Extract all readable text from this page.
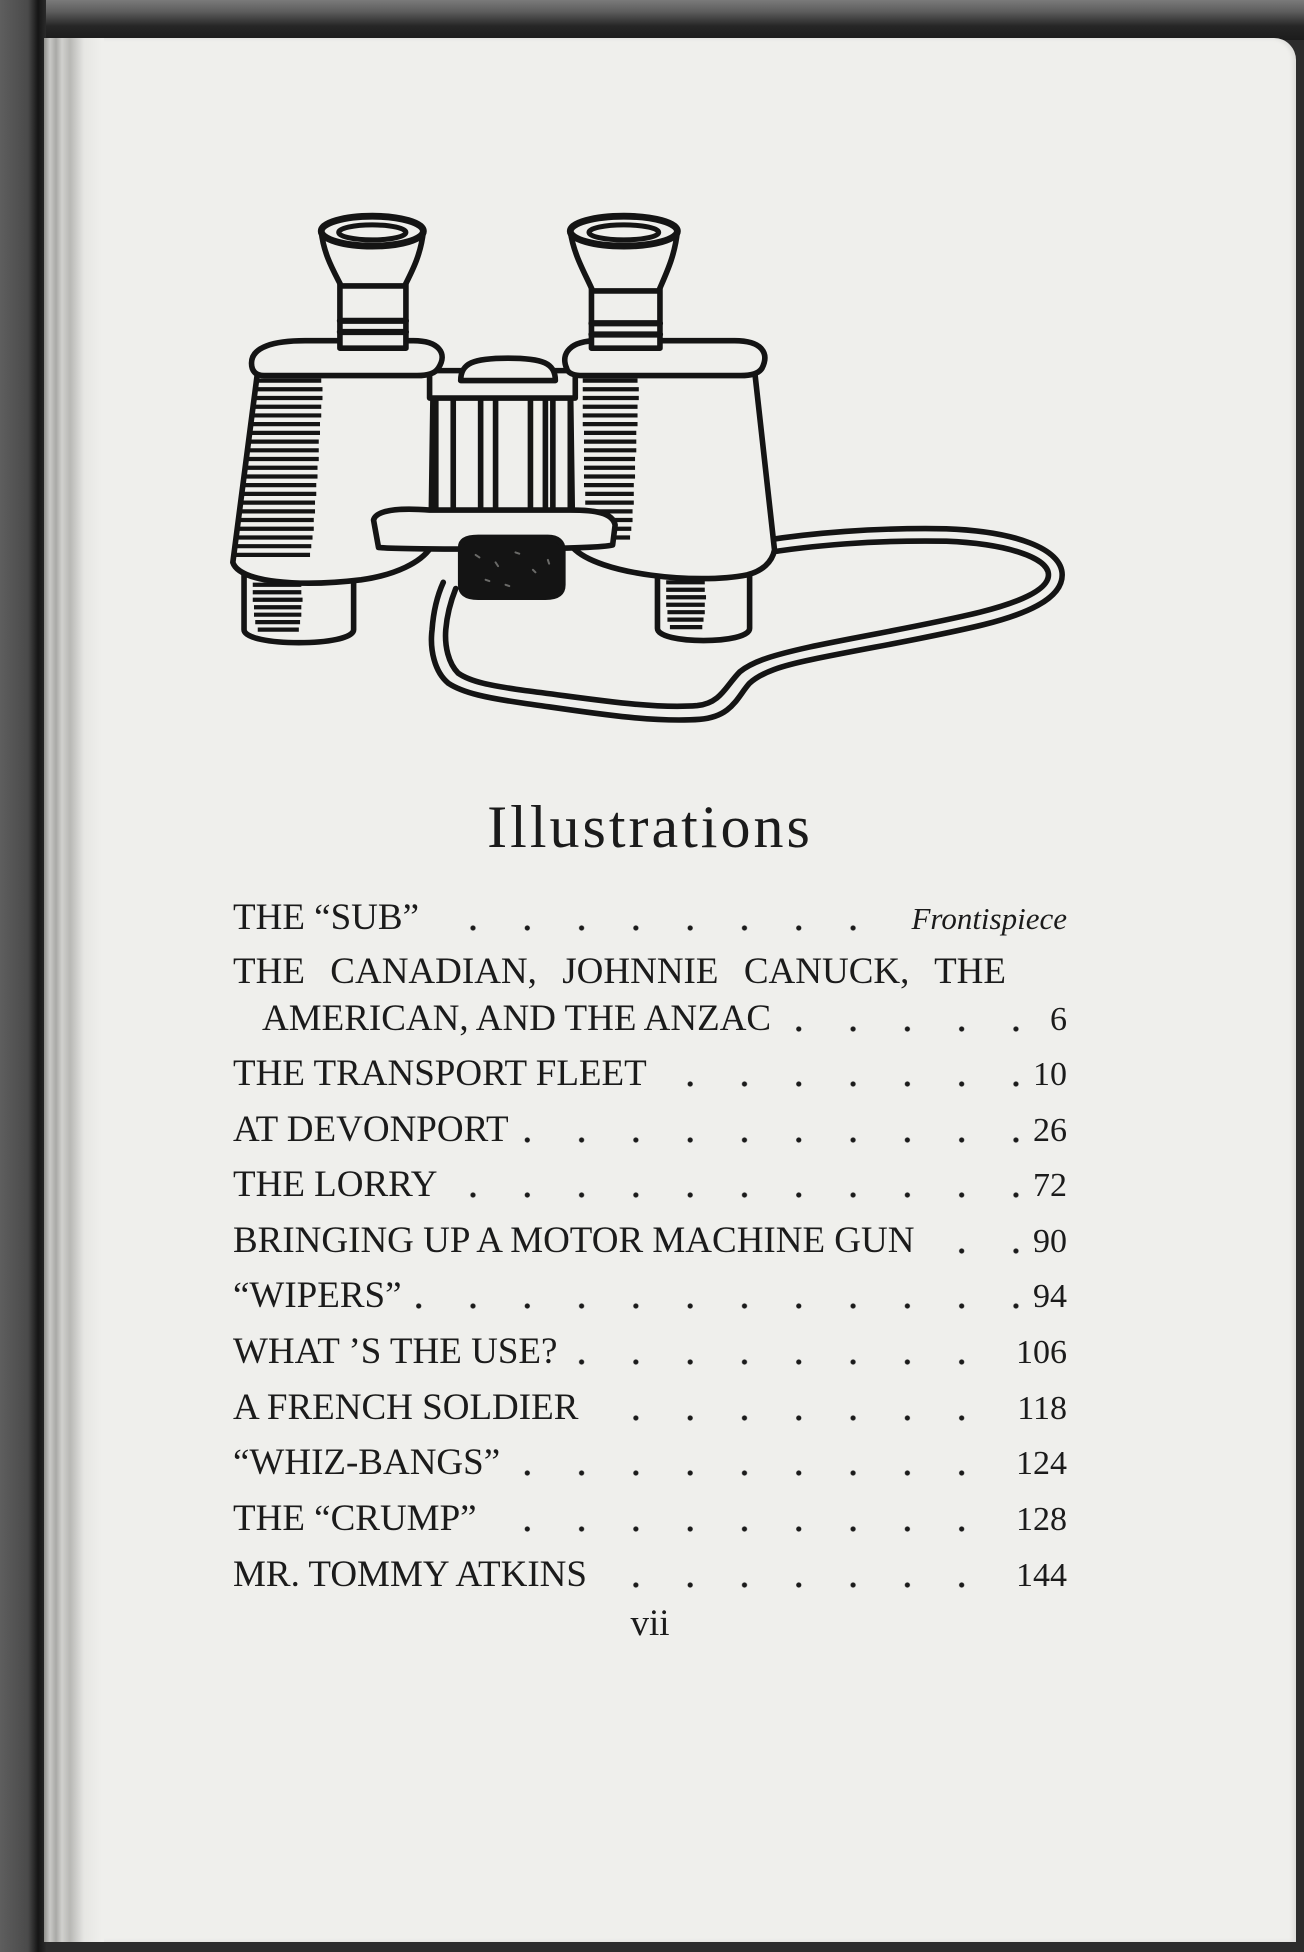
Illustrations
THE “SUB”	Frontispiece
THE CANADIAN, JOHNNIE CANUCK, THE
AMERICAN, AND THE ANZAC	6
THE TRANSPORT FLEET	10
AT DEVONPORT	26
THE LORRY	72
BRINGING UP A MOTOR MACHINE GUN	90
“WIPERS”	94
WHAT ’S THE USE?	106
A FRENCH SOLDIER	118
“WHIZ-BANGS”	124
THE “CRUMP”	128
MR. TOMMY ATKINS	144
vii
